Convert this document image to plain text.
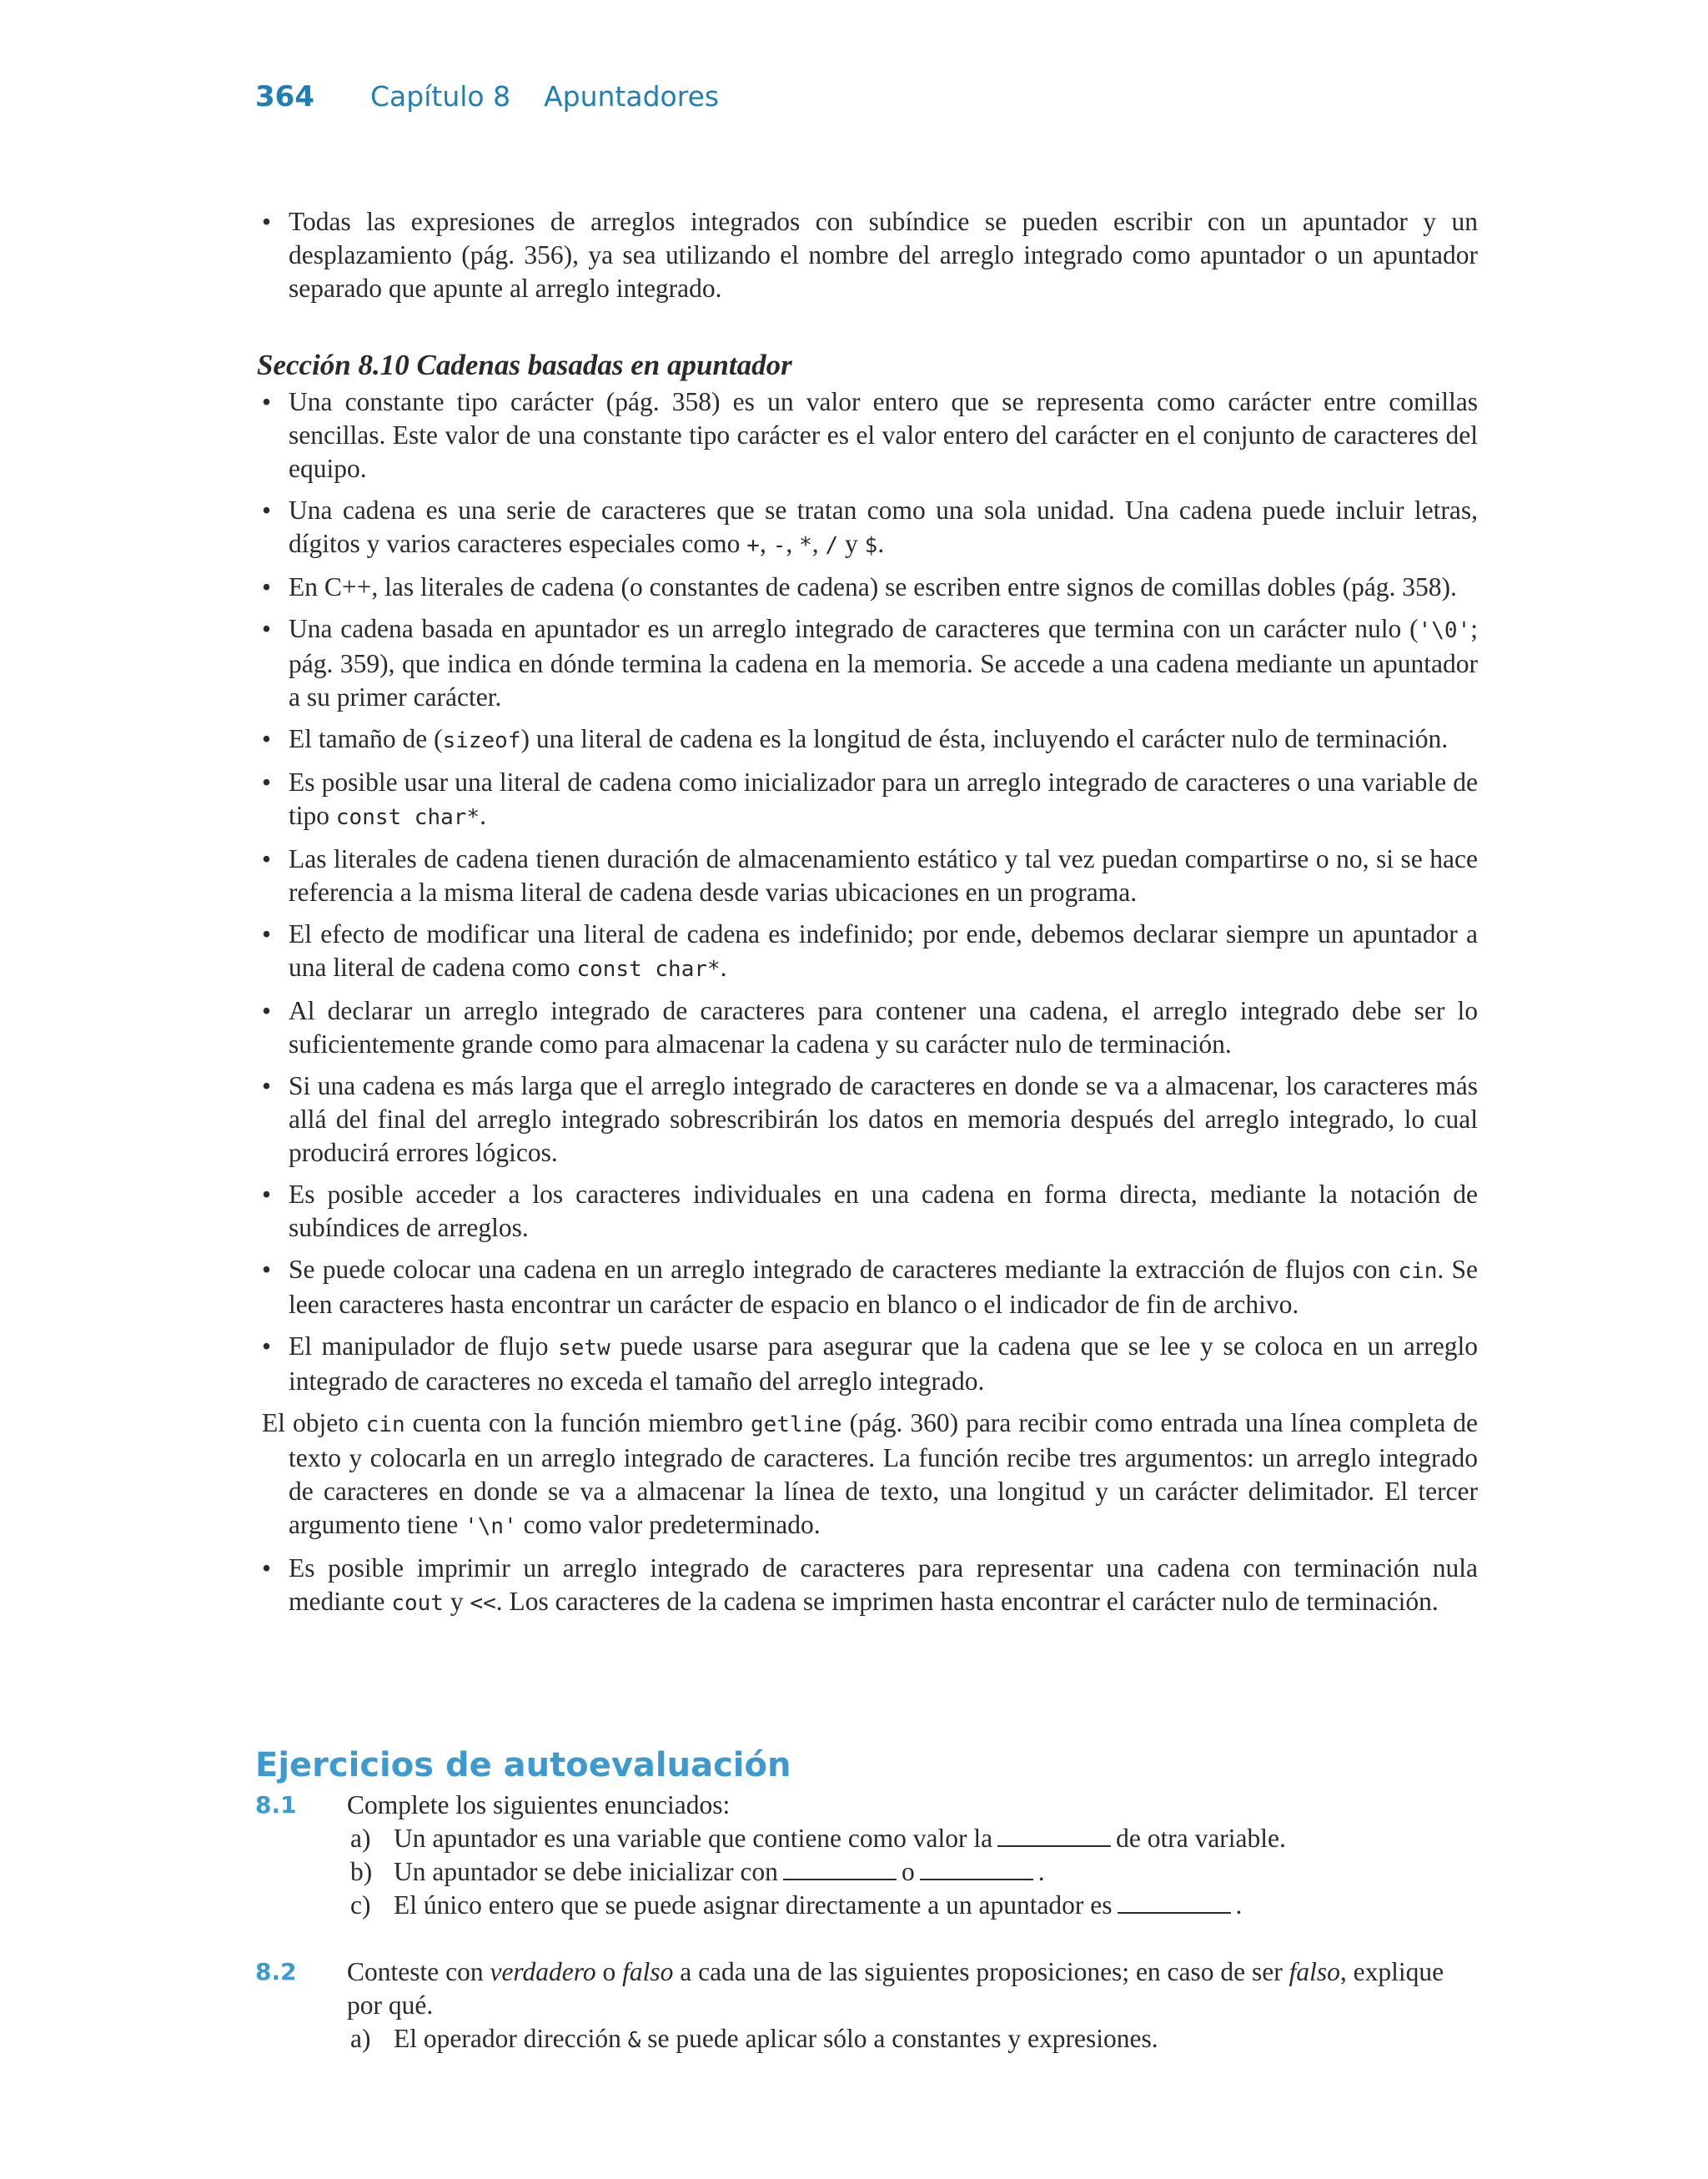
364	Capítulo 8 Apuntadores
• Todas las expresiones de arreglos integrados con subíndice se pueden escribir con un apuntador y un desplazamiento (pág. 356), ya sea utilizando el nombre del arreglo integrado como apuntador o un apuntador separado que apunte al arreglo integrado.
Sección 8.10 Cadenas basadas en apuntador
• Una constante tipo carácter (pág. 358) es un valor entero que se representa como carácter entre comillas sencillas. Este valor de una constante tipo carácter es el valor entero del carácter en el conjunto de caracteres del equipo.
• Una cadena es una serie de caracteres que se tratan como una sola unidad. Una cadena puede incluir letras, dígitos y varios caracteres especiales como +, -, *, / y $.
• En C++, las literales de cadena (o constantes de cadena) se escriben entre signos de comillas dobles (pág. 358).
• Una cadena basada en apuntador es un arreglo integrado de caracteres que termina con un carácter nulo ('\0'; pág. 359), que indica en dónde termina la cadena en la memoria. Se accede a una cadena mediante un apuntador a su primer carácter.
• El tamaño de (sizeof) una literal de cadena es la longitud de ésta, incluyendo el carácter nulo de terminación.
• Es posible usar una literal de cadena como inicializador para un arreglo integrado de caracteres o una variable de tipo const char*.
• Las literales de cadena tienen duración de almacenamiento estático y tal vez puedan compartirse o no, si se hace referencia a la misma literal de cadena desde varias ubicaciones en un programa.
• El efecto de modificar una literal de cadena es indefinido; por ende, debemos declarar siempre un apuntador a una literal de cadena como const char*.
• Al declarar un arreglo integrado de caracteres para contener una cadena, el arreglo integrado debe ser lo suficientemente grande como para almacenar la cadena y su carácter nulo de terminación.
• Si una cadena es más larga que el arreglo integrado de caracteres en donde se va a almacenar, los caracteres más allá del final del arreglo integrado sobrescribirán los datos en memoria después del arreglo integrado, lo cual producirá errores lógicos.
• Es posible acceder a los caracteres individuales en una cadena en forma directa, mediante la notación de subíndices de arreglos.
• Se puede colocar una cadena en un arreglo integrado de caracteres mediante la extracción de flujos con cin. Se leen caracteres hasta encontrar un carácter de espacio en blanco o el indicador de fin de archivo.
• El manipulador de flujo setw puede usarse para asegurar que la cadena que se lee y se coloca en un arreglo integrado de caracteres no exceda el tamaño del arreglo integrado.
El objeto cin cuenta con la función miembro getline (pág. 360) para recibir como entrada una línea completa de texto y colocarla en un arreglo integrado de caracteres. La función recibe tres argumentos: un arreglo integrado de caracteres en donde se va a almacenar la línea de texto, una longitud y un carácter delimitador. El tercer argumento tiene '\n' como valor predeterminado.
• Es posible imprimir un arreglo integrado de caracteres para representar una cadena con terminación nula mediante cout y <<. Los caracteres de la cadena se imprimen hasta encontrar el carácter nulo de terminación.
Ejercicios de autoevaluación
8.1	Complete los siguientes enunciados:
a) Un apuntador es una variable que contiene como valor la	de otra variable.
b) Un apuntador se debe inicializar con	o	.
c) El único entero que se puede asignar directamente a un apuntador es	.
8.2	Conteste con verdadero o falso a cada una de las siguientes proposiciones; en caso de ser falso, explique por qué.
a) El operador dirección & se puede aplicar sólo a constantes y expresiones.
